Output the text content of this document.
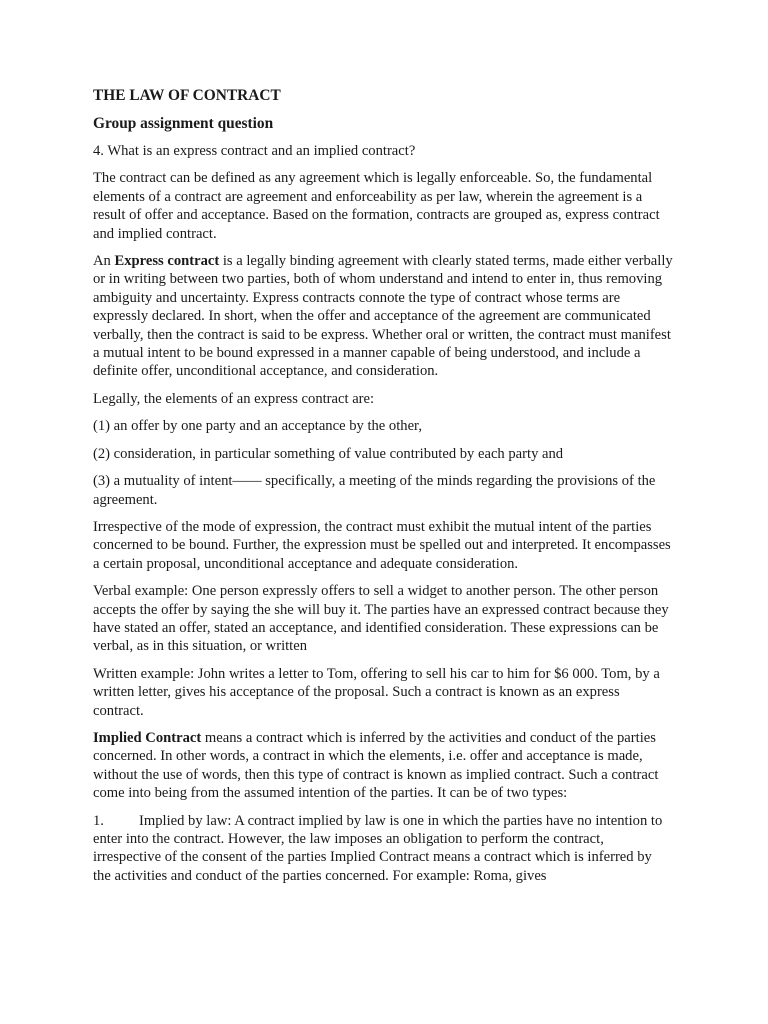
THE LAW OF CONTRACT
Group assignment question

4. What is an express contract and an implied contract?

The contract can be defined as any agreement which is legally enforceable. So, the fundamental elements of a contract are agreement and enforceability as per law, wherein the agreement is a result of offer and acceptance. Based on the formation, contracts are grouped as, express contract and implied contract.

An Express contract is a legally binding agreement with clearly stated terms, made either verbally or in writing between two parties, both of whom understand and intend to enter in, thus removing ambiguity and uncertainty. Express contracts connote the type of contract whose terms are expressly declared. In short, when the offer and acceptance of the agreement are communicated verbally, then the contract is said to be express. Whether oral or written, the contract must manifest a mutual intent to be bound expressed in a manner capable of being understood, and include a definite offer, unconditional acceptance, and consideration.

Legally, the elements of an express contract are:

(1) an offer by one party and an acceptance by the other,

(2) consideration, in particular something of value contributed by each party and

(3) a mutuality of intent—— specifically, a meeting of the minds regarding the provisions of the agreement.

Irrespective of the mode of expression, the contract must exhibit the mutual intent of the parties concerned to be bound. Further, the expression must be spelled out and interpreted. It encompasses a certain proposal, unconditional acceptance and adequate consideration.

Verbal example: One person expressly offers to sell a widget to another person. The other person accepts the offer by saying the she will buy it. The parties have an expressed contract because they have stated an offer, stated an acceptance, and identified consideration. These expressions can be verbal, as in this situation, or written

Written example: John writes a letter to Tom, offering to sell his car to him for $6 000. Tom, by a written letter, gives his acceptance of the proposal. Such a contract is known as an express contract.

Implied Contract means a contract which is inferred by the activities and conduct of the parties concerned. In other words, a contract in which the elements, i.e. offer and acceptance is made, without the use of words, then this type of contract is known as implied contract. Such a contract come into being from the assumed intention of the parties. It can be of two types:

1. Implied by law: A contract implied by law is one in which the parties have no intention to enter into the contract. However, the law imposes an obligation to perform the contract, irrespective of the consent of the parties Implied Contract means a contract which is inferred by the activities and conduct of the parties concerned. For example: Roma, gives
